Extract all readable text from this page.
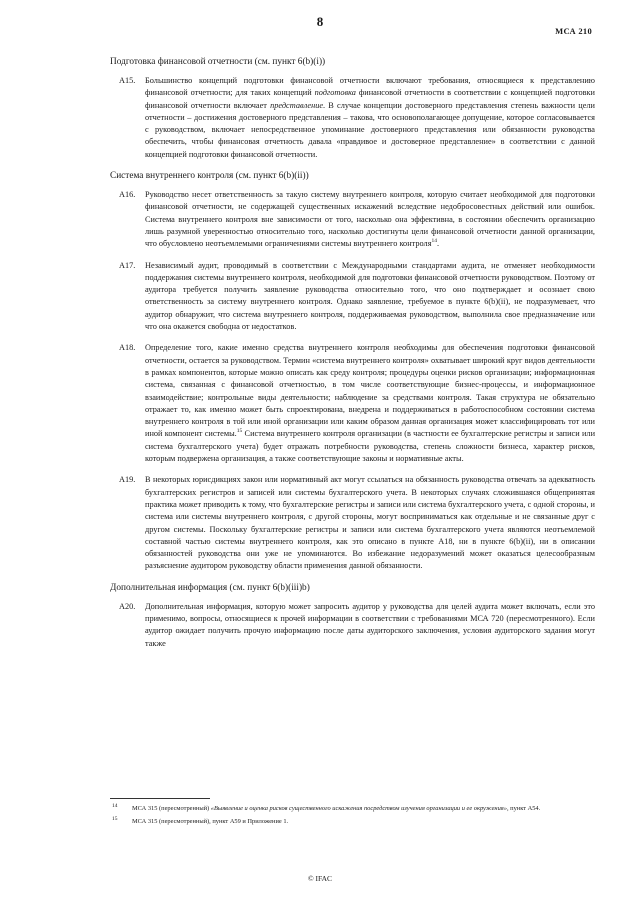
8
МСА 210
Подготовка финансовой отчетности (см. пункт 6(b)(i))
A15. Большинство концепций подготовки финансовой отчетности включают требования, относящиеся к представлению финансовой отчетности; для таких концепций подготовка финансовой отчетности в соответствии с концепцией подготовки финансовой отчетности включает представление. В случае концепции достоверного представления степень важности цели отчетности – достижения достоверного представления – такова, что основополагающее допущение, которое согласовывается с руководством, включает непосредственное упоминание достоверного представления или обязанности руководства обеспечить, чтобы финансовая отчетность давала «правдивое и достоверное представление» в соответствии с данной концепцией подготовки финансовой отчетности.
Система внутреннего контроля (см. пункт 6(b)(ii))
A16. Руководство несет ответственность за такую систему внутреннего контроля, которую считает необходимой для подготовки финансовой отчетности, не содержащей существенных искажений вследствие недобросовестных действий или ошибок. Система внутреннего контроля вне зависимости от того, насколько она эффективна, в состоянии обеспечить организацию лишь разумной уверенностью относительно того, насколько достигнуты цели финансовой отчетности данной организации, что обусловлено неотъемлемыми ограничениями системы внутреннего контроля$^{14}$.
A17. Независимый аудит, проводимый в соответствии с Международными стандартами аудита, не отменяет необходимости поддержания системы внутреннего контроля, необходимой для подготовки финансовой отчетности руководством. Поэтому от аудитора требуется получить заявление руководства относительно того, что оно подтверждает и осознает свою ответственность за систему внутреннего контроля. Однако заявление, требуемое в пункте 6(b)(ii), не подразумевает, что аудитор обнаружит, что система внутреннего контроля, поддерживаемая руководством, выполнила свое предназначение или что она окажется свободна от недостатков.
A18. Определение того, какие именно средства внутреннего контроля необходимы для обеспечения подготовки финансовой отчетности, остается за руководством. Термин «система внутреннего контроля» охватывает широкий круг видов деятельности в рамках компонентов, которые можно описать как среду контроля; процедуры оценки рисков организации; информационная система, связанная с финансовой отчетностью, в том числе соответствующие бизнес-процессы, и информационное взаимодействие; контрольные виды деятельности; наблюдение за средствами контроля. Такая структура не обязательно отражает то, как именно может быть спроектирована, внедрена и поддерживаться в работоспособном состоянии система внутреннего контроля в той или иной организации или каким образом данная организация может классифицировать тот или иной компонент системы.$^{15}$ Система внутреннего контроля организации (в частности ее бухгалтерские регистры и записи или система бухгалтерского учета) будет отражать потребности руководства, степень сложности бизнеса, характер рисков, которым подвержена организация, а также соответствующие законы и нормативные акты.
A19. В некоторых юрисдикциях закон или нормативный акт могут ссылаться на обязанность руководства отвечать за адекватность бухгалтерских регистров и записей или системы бухгалтерского учета. В некоторых случаях сложившаяся общепринятая практика может приводить к тому, что бухгалтерские регистры и записи или система бухгалтерского учета, с одной стороны, и система или системы внутреннего контроля, с другой стороны, могут восприниматься как отдельные и не связанные друг с другом системы. Поскольку бухгалтерские регистры и записи или система бухгалтерского учета являются неотъемлемой составной частью системы внутреннего контроля, как это описано в пункте A18, ни в пункте 6(b)(ii), ни в описании обязанностей руководства они уже не упоминаются. Во избежание недоразумений может оказаться целесообразным разъяснение аудитором руководству области применения данной обязанности.
Дополнительная информация (см. пункт 6(b)(iii)b)
A20. Дополнительная информация, которую может запросить аудитор у руководства для целей аудита может включать, если это применимо, вопросы, относящиеся к прочей информации в соответствии с требованиями МСА 720 (пересмотренного). Если аудитор ожидает получить прочую информацию после даты аудиторского заключения, условия аудиторского задания могут также
14 МСА 315 (пересмотренный) «Выявление и оценка рисков существенного искажения посредством изучения организации и ее окружения», пункт A54.
15 МСА 315 (пересмотренный), пункт A59 и Приложение 1.
© IFAC
